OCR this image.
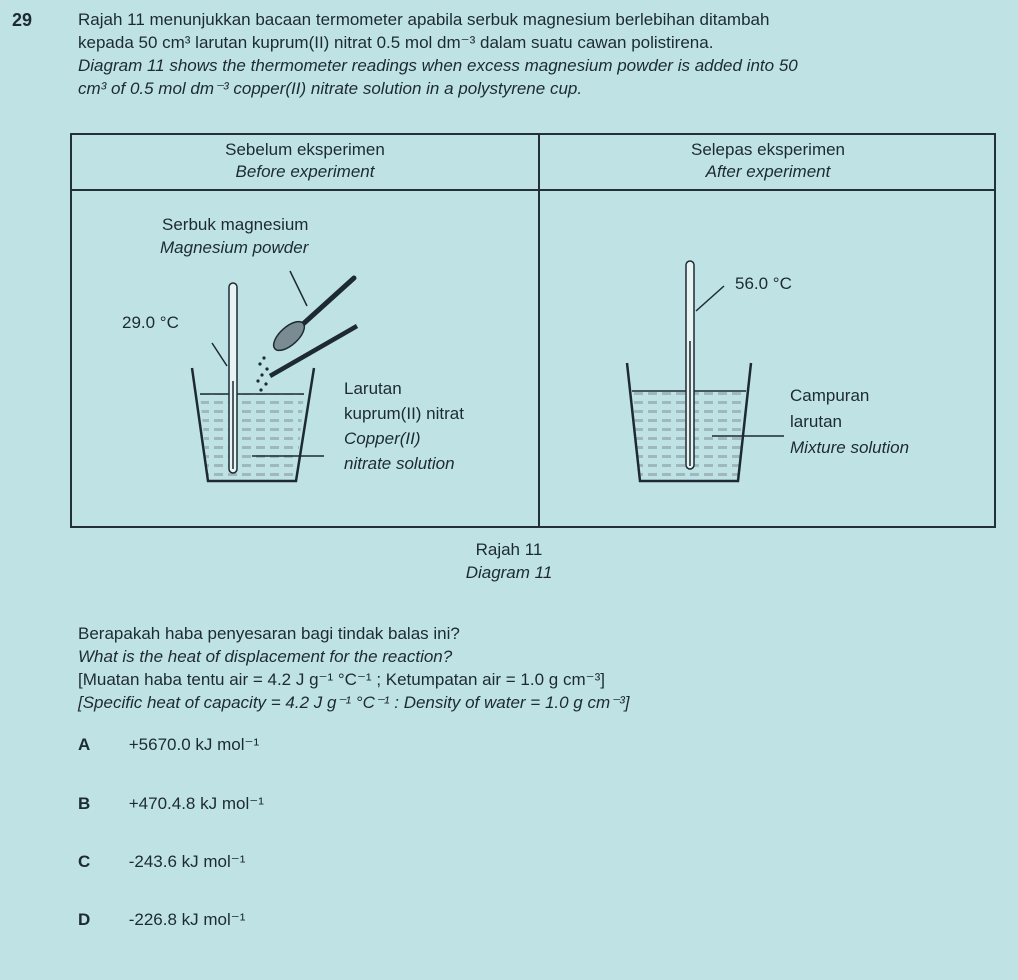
29	Rajah 11 menunjukkan bacaan termometer apabila serbuk magnesium berlebihan ditambah

kepada 50 cm³ larutan kuprum(II) nitrat 0.5 mol dm⁻³ dalam suatu cawan polistirena.

Diagram 11 shows the thermometer readings when excess magnesium powder is added into 50

cm³ of 0.5 mol dm⁻³ copper(II) nitrate solution in a polystyrene cup.

Sebelum eksperimen
Before experiment
Selepas eksperimen
After experiment
Serbuk magnesium
Magnesium powder
29.0 °C
Larutan
kuprum(II) nitrat
Copper(II)
nitrate solution
56.0 °C
Campuran
larutan
Mixture solution
Rajah 11
Diagram 11

Berapakah haba penyesaran bagi tindak balas ini?

What is the heat of displacement for the reaction?

[Muatan haba tentu air = 4.2 J g⁻¹ °C⁻¹ ; Ketumpatan air = 1.0 g cm⁻³]

[Specific heat of capacity = 4.2 J g⁻¹ °C⁻¹ : Density of water = 1.0 g cm⁻³]

A +5670.0 kJ mol⁻¹
B +470.4.8 kJ mol⁻¹
C -243.6 kJ mol⁻¹
D -226.8 kJ mol⁻¹
